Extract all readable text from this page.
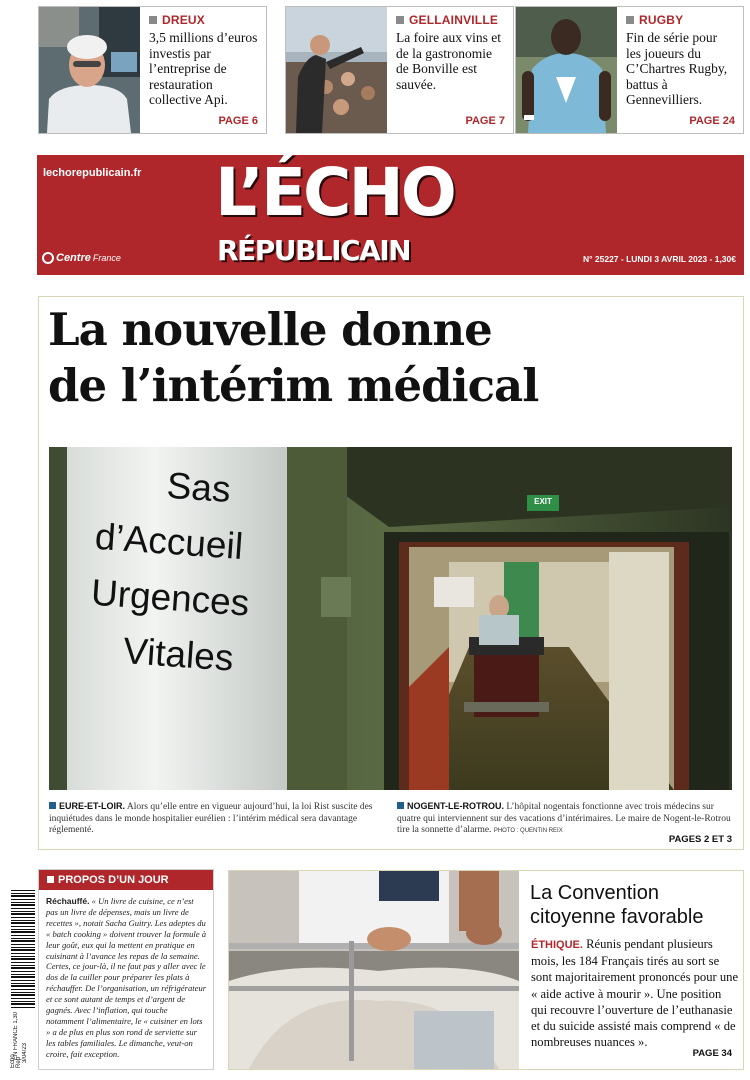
DREUX
3,5 millions d’euros investis par l’entreprise de restauration collective Api.
PAGE 6
GELLAINVILLE
La foire aux vins et de la gastronomie de Bonville est sauvée.
PAGE 7
RUGBY
Fin de série pour les joueurs du C’Chartres Rugby, battus à Gennevilliers.
PAGE 24
lechorepublicain.fr L’ÉCHO
RÉPUBLICAIN
Centre France	N° 25227 - LUNDI 3 AVRIL 2023 - 1,30€
La nouvelle donne
de l’intérim médical
Sas
d’Accueil
Urgences
Vitales
EXIT
EURE-ET-LOIR. Alors qu’elle entre en vigueur aujourd’hui, la loi Rist suscite des inquiétudes dans le monde hospitalier eurélien : l’intérim médical sera davantage réglementé.
NOGENT-LE-ROTROU. L’hôpital nogentais fonctionne avec trois médecins sur quatre qui interviennent sur des vacations d’intérimaires. Le maire de Nogent-le-Rotrou tire la sonnette d’alarme. PHOTO : QUENTIN REIX
PAGES 2 ET 3
EN FRANCE 1,30
Echo Rep 3/04/23
PROPOS D’UN JOUR
Réchauffé. « Un livre de cuisine, ce n’est pas un livre de dépenses, mais un livre de recettes », notait Sacha Guitry. Les adeptes du « batch cooking » doivent trouver la formule à leur goût, eux qui la mettent en pratique en cuisinant à l’avance les repas de la semaine. Certes, ce jour-là, il ne faut pas y aller avec le dos de la cuiller pour préparer les plats à réchauffer. De l’organisation, un réfrigérateur et ce sont autant de temps et d’argent de gagnés. Avec l’inflation, qui touche notamment l’alimentaire, le « cuisiner en lots » a de plus en plus son rond de serviette sur les tables familiales. Le dimanche, veut-on croire, fait exception.
La Convention
citoyenne favorable
ÉTHIQUE. Réunis pendant plusieurs mois, les 184 Français tirés au sort se sont majoritairement prononcés pour une « aide active à mourir ». Une position qui recouvre l’ouverture de l’euthanasie et du suicide assisté mais comprend « de nombreuses nuances ».
PAGE 34
